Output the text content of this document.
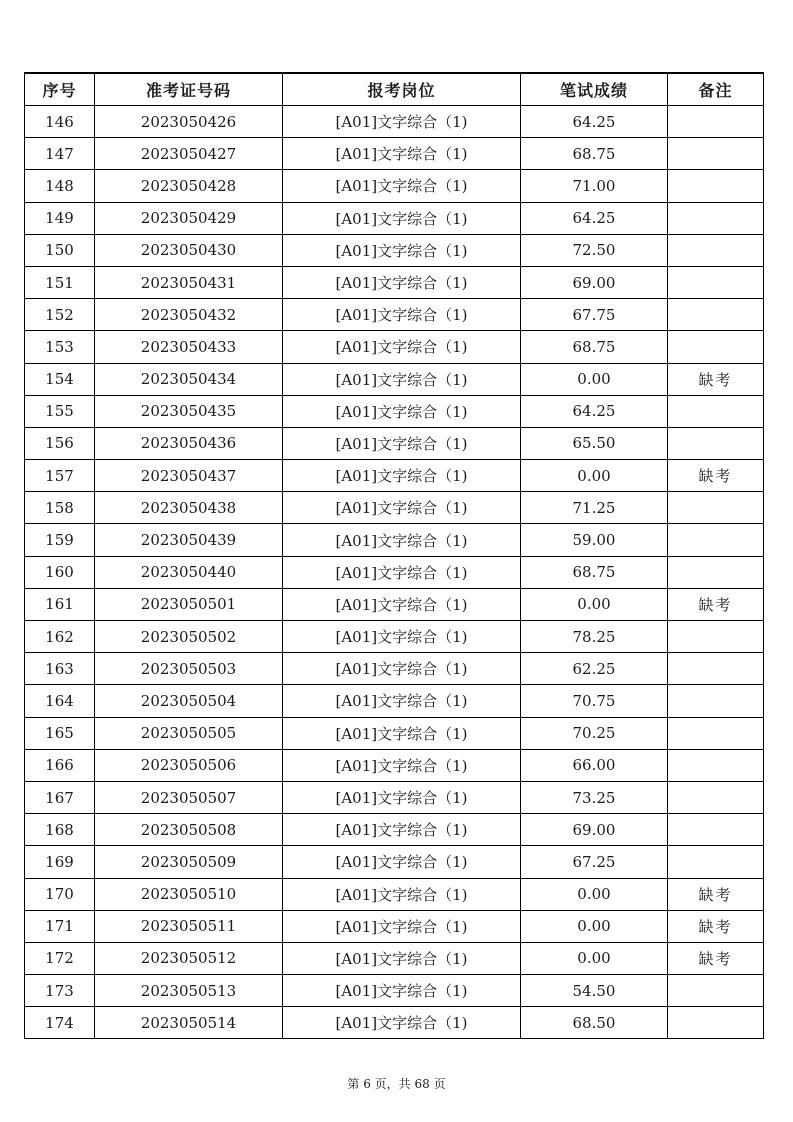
序号	准考证号码	报考岗位	笔试成绩	备注
146	2023050426	[A01]文字综合（1)	64.25	
147	2023050427	[A01]文字综合（1)	68.75	
148	2023050428	[A01]文字综合（1)	71.00	
149	2023050429	[A01]文字综合（1)	64.25	
150	2023050430	[A01]文字综合（1)	72.50	
151	2023050431	[A01]文字综合（1)	69.00	
152	2023050432	[A01]文字综合（1)	67.75	
153	2023050433	[A01]文字综合（1)	68.75	
154	2023050434	[A01]文字综合（1)	0.00	缺考
155	2023050435	[A01]文字综合（1)	64.25	
156	2023050436	[A01]文字综合（1)	65.50	
157	2023050437	[A01]文字综合（1)	0.00	缺考
158	2023050438	[A01]文字综合（1)	71.25	
159	2023050439	[A01]文字综合（1)	59.00	
160	2023050440	[A01]文字综合（1)	68.75	
161	2023050501	[A01]文字综合（1)	0.00	缺考
162	2023050502	[A01]文字综合（1)	78.25	
163	2023050503	[A01]文字综合（1)	62.25	
164	2023050504	[A01]文字综合（1)	70.75	
165	2023050505	[A01]文字综合（1)	70.25	
166	2023050506	[A01]文字综合（1)	66.00	
167	2023050507	[A01]文字综合（1)	73.25	
168	2023050508	[A01]文字综合（1)	69.00	
169	2023050509	[A01]文字综合（1)	67.25	
170	2023050510	[A01]文字综合（1)	0.00	缺考
171	2023050511	[A01]文字综合（1)	0.00	缺考
172	2023050512	[A01]文字综合（1)	0.00	缺考
173	2023050513	[A01]文字综合（1)	54.50	
174	2023050514	[A01]文字综合（1)	68.50	
第 6 页，共 68 页
